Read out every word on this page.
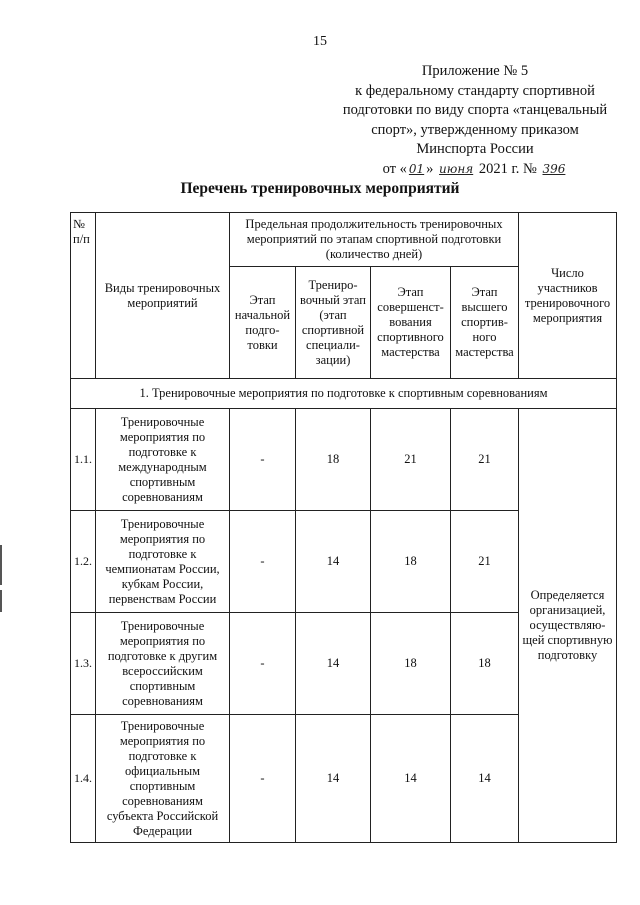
15
Приложение № 5
к федеральному стандарту спортивной
подготовки по виду спорта «танцевальный
спорт», утвержденному приказом
Минспорта России
от « 01 » июня 2021 г. № 396
Перечень тренировочных мероприятий
№ п/п	Виды тренировочных мероприятий	Предельная продолжительность тренировочных мероприятий по этапам спортивной подготовки (количество дней)				Число участников тренировочного мероприятия
		Этап начальной подго-товки	Трениро-вочный этап (этап спортивной специали-зации)	Этап совершенст-вования спортивного мастерства	Этап высшего спортив-ного мастерства	
1. Тренировочные мероприятия по подготовке к спортивным соревнованиям						
1.1.	Тренировочные мероприятия по подготовке к международным спортивным соревнованиям	-	18	21	21	Определяется организацией, осуществляю-щей спортивную подготовку
1.2.	Тренировочные мероприятия по подготовке к чемпионатам России, кубкам России, первенствам России	-	14	18	21	
1.3.	Тренировочные мероприятия по подготовке к другим всероссийским спортивным соревнованиям	-	14	18	18	
1.4.	Тренировочные мероприятия по подготовке к официальным спортивным соревнованиям субъекта Российской Федерации	-	14	14	14	
